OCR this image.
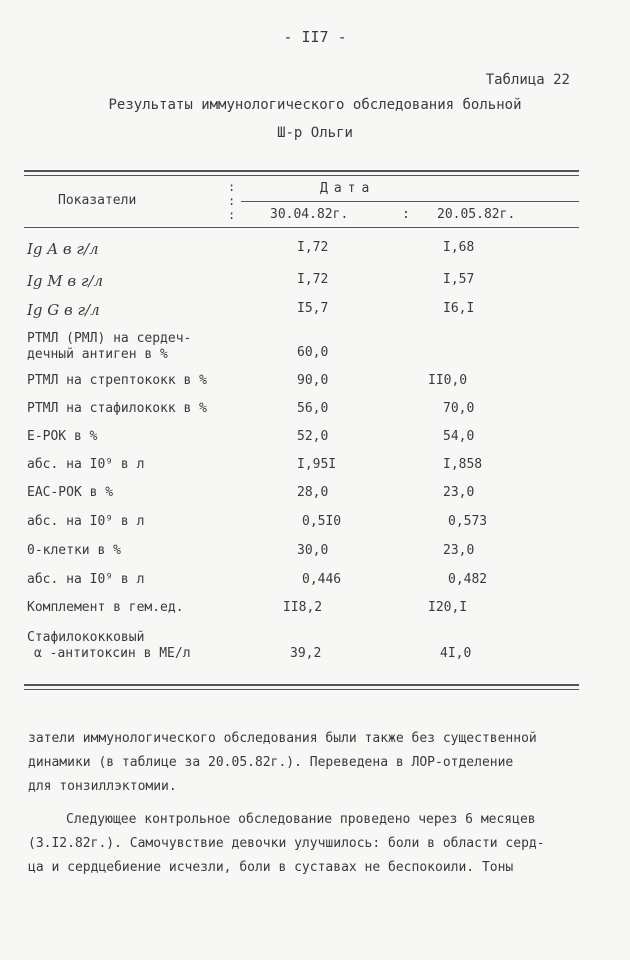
- II7 -
Таблица 22
Результаты иммунологического обследования больной
Ш-р Ольги
Показатели
:
:
:
Дата
30.04.82г.	: 20.05.82г.
Ig A в г/л	I,72	I,68
Ig M в г/л	I,72	I,57
Ig G в г/л	I5,7	I6,I
РТМЛ (РМЛ) на сердеч-
дечный антиген в %	60,0
РТМЛ на стрептококк в %	90,0	II0,0
РТМЛ на стафилококк в %	56,0	70,0
Е-РОК в %	52,0	54,0
абс. на I0⁹ в л	I,95I	I,858
ЕАС-РОК в %	28,0	23,0
абс. на I0⁹ в л	0,5I0	0,573
0-клетки в %	30,0	23,0
абс. на I0⁹ в л	0,446	0,482
Комплемент в гем.ед.	II8,2	I20,I
Стафилококковый
α -антитоксин в МЕ/л	39,2	4I,0
затели иммунологического обследования были также без существенной
динамики (в таблице за 20.05.82г.). Переведена в ЛОР-отделение
для тонзиллэктомии.
Следующее контрольное обследование проведено через 6 месяцев
(3.I2.82г.). Самочувствие девочки улучшилось: боли в области серд-
ца и сердцебиение исчезли, боли в суставах не беспокоили. Тоны
